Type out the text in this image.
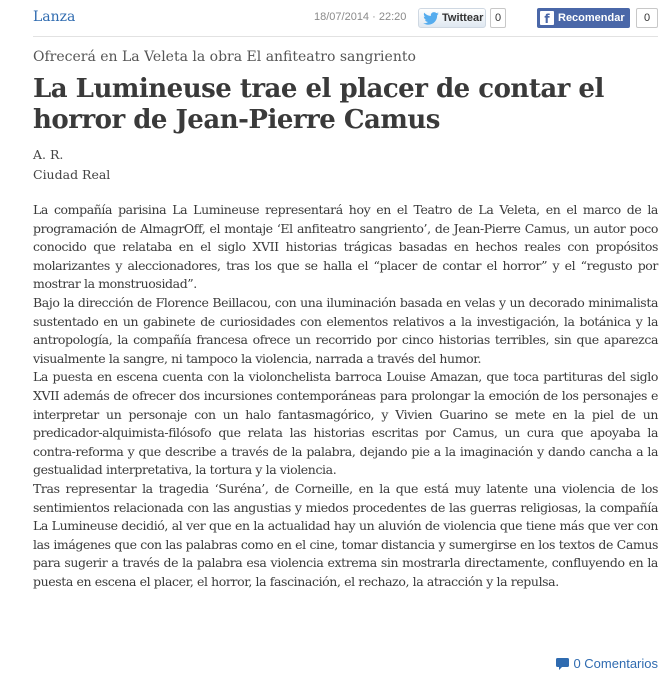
Lanza	18/07/2014 · 22:20	Twittear	0	f Recomendar	0
Ofrecerá en La Veleta la obra El anfiteatro sangriento
La Lumineuse trae el placer de contar el horror de Jean-Pierre Camus
A. R.
Ciudad Real

La compañía parisina La Lumineuse representará hoy en el Teatro de La Veleta, en el marco de la programación de AlmagrOff, el montaje ‘El anfiteatro sangriento’, de Jean-Pierre Camus, un autor poco conocido que relataba en el siglo XVII historias trágicas basadas en hechos reales con propósitos molarizantes y aleccionadores, tras los que se halla el “placer de contar el horror” y el “regusto por mostrar la monstruosidad”.

Bajo la dirección de Florence Beillacou, con una iluminación basada en velas y un decorado minimalista sustentado en un gabinete de curiosidades con elementos relativos a la investigación, la botánica y la antropología, la compañía francesa ofrece un recorrido por cinco historias terribles, sin que aparezca visualmente la sangre, ni tampoco la violencia, narrada a través del humor.

La puesta en escena cuenta con la violonchelista barroca Louise Amazan, que toca partituras del siglo XVII además de ofrecer dos incursiones contemporáneas para prolongar la emoción de los personajes e interpretar un personaje con un halo fantasmagórico, y Vivien Guarino se mete en la piel de un predicador-alquimista-filósofo que relata las historias escritas por Camus, un cura que apoyaba la contra-reforma y que describe a través de la palabra, dejando pie a la imaginación y dando cancha a la gestualidad interpretativa, la tortura y la violencia.

Tras representar la tragedia ‘Suréna’, de Corneille, en la que está muy latente una violencia de los sentimientos relacionada con las angustias y miedos procedentes de las guerras religiosas, la compañía La Lumineuse decidió, al ver que en la actualidad hay un aluvión de violencia que tiene más que ver con las imágenes que con las palabras como en el cine, tomar distancia y sumergirse en los textos de Camus para sugerir a través de la palabra esa violencia extrema sin mostrarla directamente, confluyendo en la puesta en escena el placer, el horror, la fascinación, el rechazo, la atracción y la repulsa.

0 Comentarios
